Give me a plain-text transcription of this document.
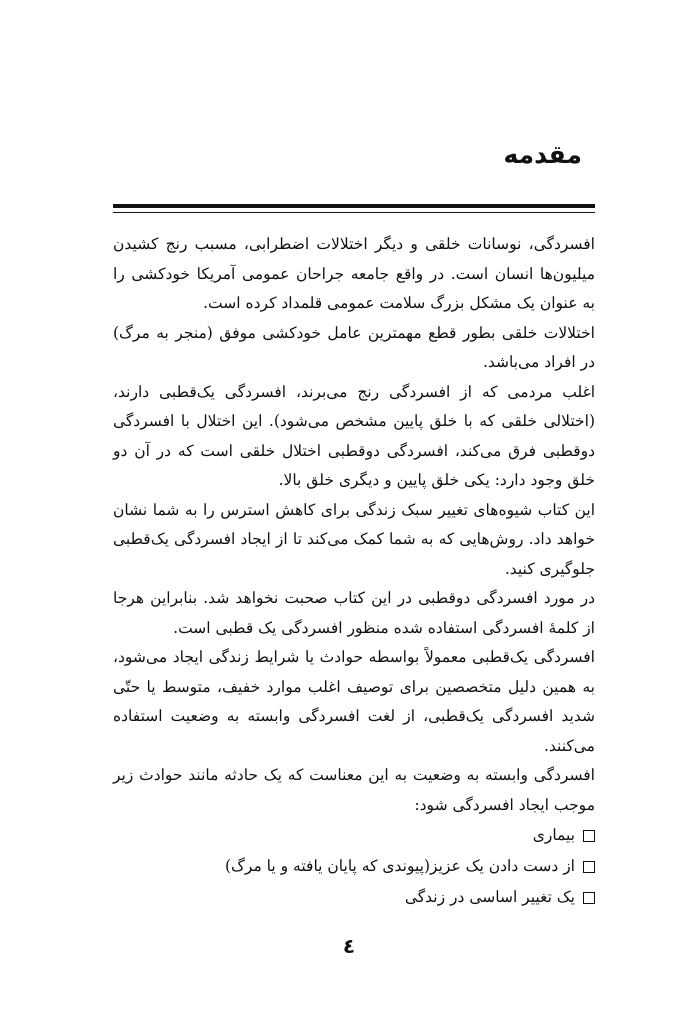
مقدمه

افسردگی، نوسانات خلقی و دیگر اختلالات اضطرابی، مسبب رنج کشیدن میلیون‌ها انسان است. در واقع جامعه جراحان عمومی آمریکا خودکشی را به عنوان یک مشکل بزرگ سلامت عمومی قلمداد کرده است.

اختلالات خلقی بطور قطع مهمترین عامل خودکشی موفق (منجر به مرگ) در افراد می‌باشد.

اغلب مردمی که از افسردگی رنج می‌برند، افسردگی یک‌قطبی دارند، (اختلالی خلقی که با خلق پایین مشخص می‌شود). این اختلال با افسردگی دوقطبی فرق می‌کند، افسردگی دوقطبی اختلال خلقی است که در آن دو خلق وجود دارد: یکی خلق پایین و دیگری خلق بالا.

این کتاب شیوه‌های تغییر سبک زندگی برای کاهش استرس را به شما نشان خواهد داد. روش‌هایی که به شما کمک می‌کند تا از ایجاد افسردگی یک‌قطبی جلوگیری کنید.

در مورد افسردگی دوقطبی در این کتاب صحبت نخواهد شد. بنابراین هرجا از کلمهٔ افسردگی استفاده شده منظور افسردگی یک قطبی است.

افسردگی یک‌قطبی معمولاً بواسطه حوادث یا شرایط زندگی ایجاد می‌شود، به همین دلیل متخصصین برای توصیف اغلب موارد خفیف، متوسط یا حتّی شدید افسردگی یک‌قطبی، از لغت افسردگی وابسته به وضعیت استفاده می‌کنند.

افسردگی وابسته به وضعیت به این معناست که یک حادثه مانند حوادث زیر موجب ایجاد افسردگی شود:

بیماری
از دست دادن یک عزیز(پیوندی که پایان یافته و یا مرگ)
یک تغییر اساسی در زندگی
٤
